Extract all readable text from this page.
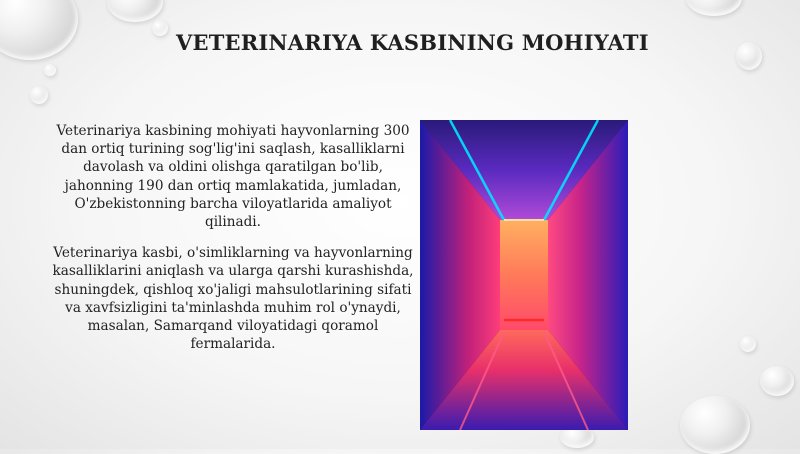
VETERINARIYA KASBINING MOHIYATI

Veterinariya kasbining mohiyati hayvonlarning 300 dan ortiq turining sog'lig'ini saqlash, kasalliklarni davolash va oldini olishga qaratilgan bo'lib, jahonning 190 dan ortiq mamlakatida, jumladan, O'zbekistonning barcha viloyatlarida amaliyot qilinadi.

Veterinariya kasbi, o'simliklarning va hayvonlarning kasalliklarini aniqlash va ularga qarshi kurashishda, shuningdek, qishloq xo'jaligi mahsulotlarining sifati va xavfsizligini ta'minlashda muhim rol o'ynaydi, masalan, Samarqand viloyatidagi qoramol fermalarida.
